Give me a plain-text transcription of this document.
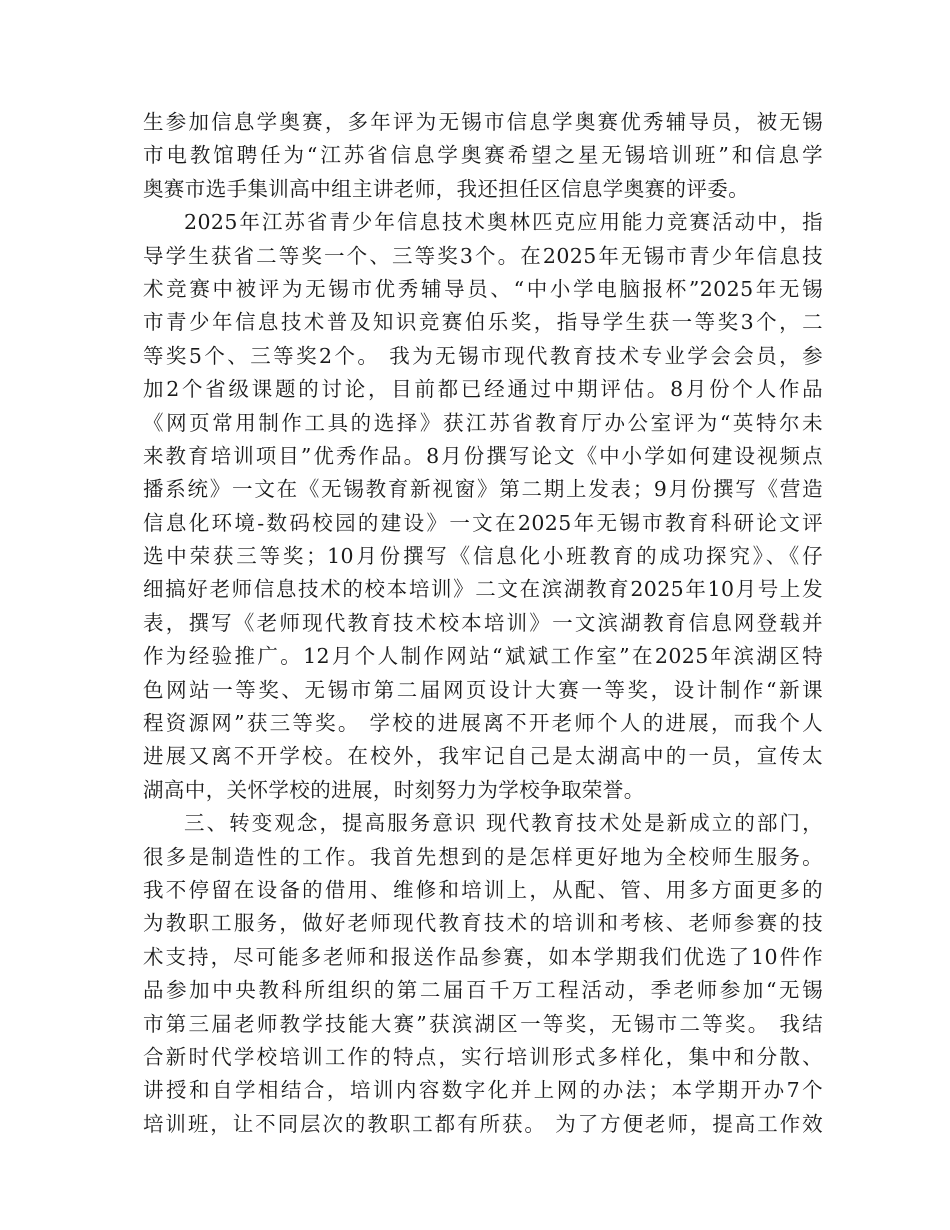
生参加信息学奥赛，多年评为无锡市信息学奥赛优秀辅导员，被无锡
市电教馆聘任为“江苏省信息学奥赛希望之星无锡培训班”和信息学
奥赛市选手集训高中组主讲老师，我还担任区信息学奥赛的评委。
2025年江苏省青少年信息技术奥林匹克应用能力竞赛活动中，指
导学生获省二等奖一个、三等奖3个。在2025年无锡市青少年信息技
术竞赛中被评为无锡市优秀辅导员、“中小学电脑报杯”2025年无锡
市青少年信息技术普及知识竞赛伯乐奖，指导学生获一等奖3个，二
等奖5个、三等奖2个。 我为无锡市现代教育技术专业学会会员，参
加2个省级课题的讨论，目前都已经通过中期评估。8月份个人作品
《网页常用制作工具的选择》获江苏省教育厅办公室评为“英特尔未
来教育培训项目”优秀作品。8月份撰写论文《中小学如何建设视频点
播系统》一文在《无锡教育新视窗》第二期上发表；9月份撰写《营造
信息化环境-数码校园的建设》一文在2025年无锡市教育科研论文评
选中荣获三等奖；10月份撰写《信息化小班教育的成功探究》、《仔
细搞好老师信息技术的校本培训》二文在滨湖教育2025年10月号上发
表，撰写《老师现代教育技术校本培训》一文滨湖教育信息网登载并
作为经验推广。12月个人制作网站“斌斌工作室”在2025年滨湖区特
色网站一等奖、无锡市第二届网页设计大赛一等奖，设计制作“新课
程资源网”获三等奖。 学校的进展离不开老师个人的进展，而我个人
进展又离不开学校。在校外，我牢记自己是太湖高中的一员，宣传太
湖高中，关怀学校的进展，时刻努力为学校争取荣誉。
三、转变观念，提高服务意识 现代教育技术处是新成立的部门，
很多是制造性的工作。我首先想到的是怎样更好地为全校师生服务。
我不停留在设备的借用、维修和培训上，从配、管、用多方面更多的
为教职工服务，做好老师现代教育技术的培训和考核、老师参赛的技
术支持，尽可能多老师和报送作品参赛，如本学期我们优选了10件作
品参加中央教科所组织的第二届百千万工程活动，季老师参加“无锡
市第三届老师教学技能大赛”获滨湖区一等奖，无锡市二等奖。 我结
合新时代学校培训工作的特点，实行培训形式多样化，集中和分散、
讲授和自学相结合，培训内容数字化并上网的办法；本学期开办7个
培训班，让不同层次的教职工都有所获。 为了方便老师，提高工作效
